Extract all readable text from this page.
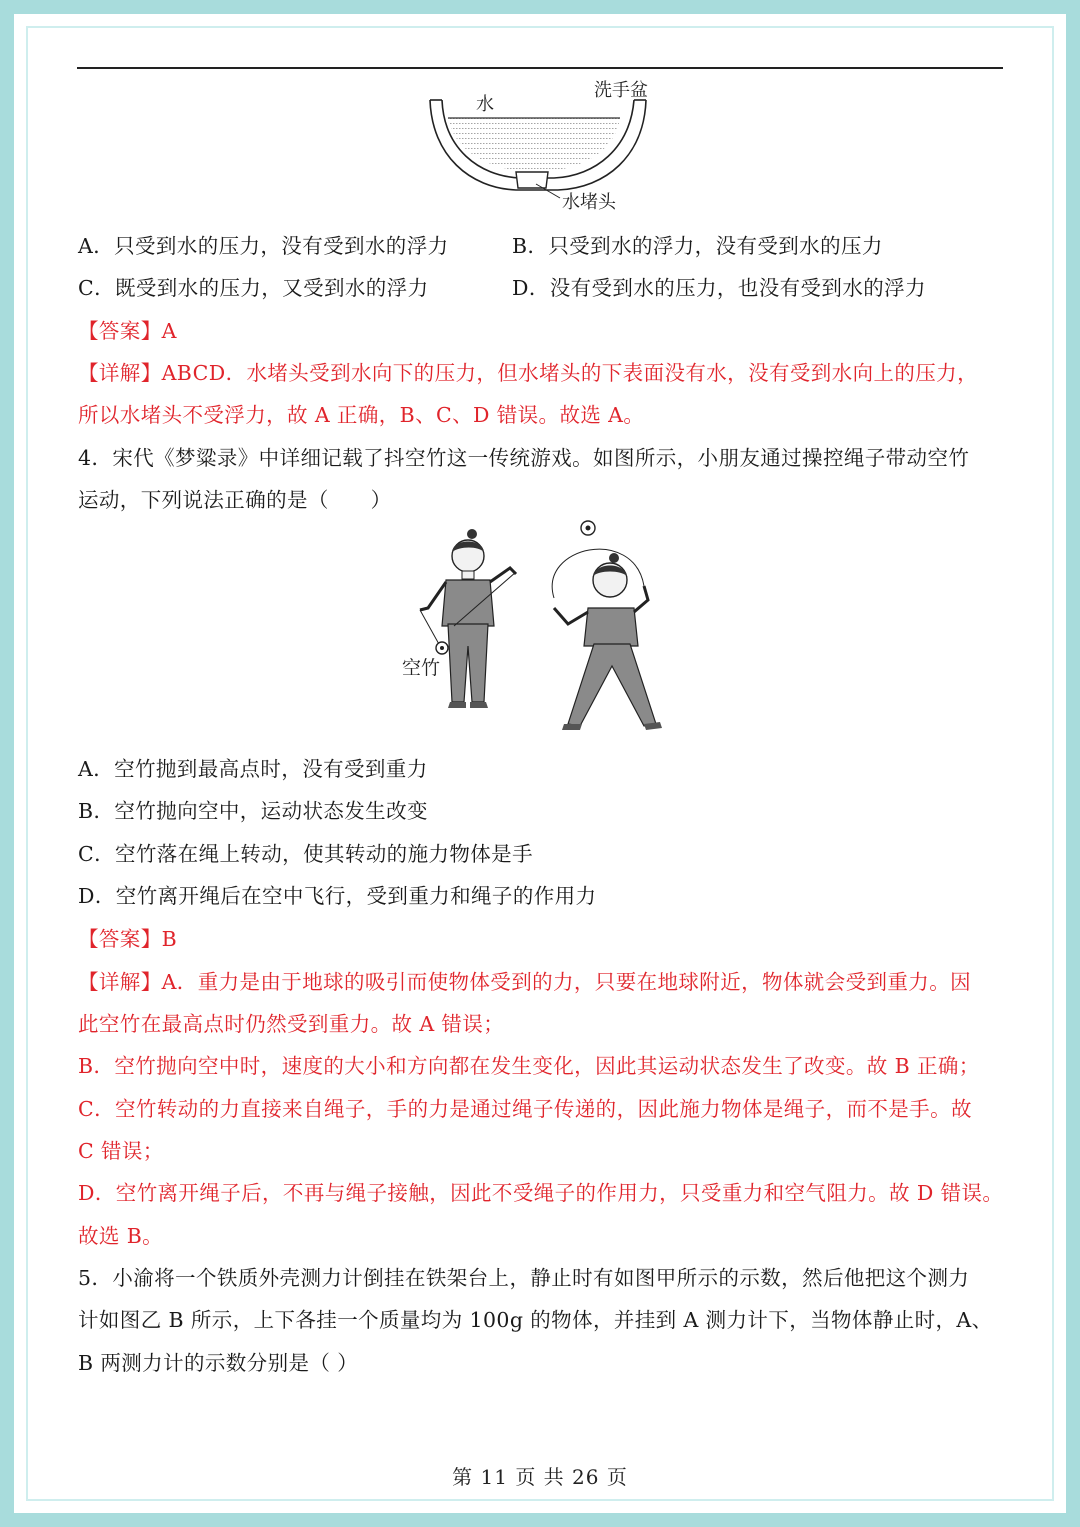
水
洗手盆
水堵头
A．只受到水的压力，没有受到水的浮力	B．只受到水的浮力，没有受到水的压力
C．既受到水的压力，又受到水的浮力	D．没有受到水的压力，也没有受到水的浮力
【答案】A
【详解】ABCD．水堵头受到水向下的压力，但水堵头的下表面没有水，没有受到水向上的压力，
所以水堵头不受浮力，故 A 正确，B、C、D 错误。故选 A。
4．宋代《梦粱录》中详细记载了抖空竹这一传统游戏。如图所示，小朋友通过操控绳子带动空竹
运动，下列说法正确的是（　　）
空竹
A．空竹抛到最高点时，没有受到重力
B．空竹抛向空中，运动状态发生改变
C．空竹落在绳上转动，使其转动的施力物体是手
D．空竹离开绳后在空中飞行，受到重力和绳子的作用力
【答案】B
【详解】A．重力是由于地球的吸引而使物体受到的力，只要在地球附近，物体就会受到重力。因
此空竹在最高点时仍然受到重力。故 A 错误；
B．空竹抛向空中时，速度的大小和方向都在发生变化，因此其运动状态发生了改变。故 B 正确；
C．空竹转动的力直接来自绳子，手的力是通过绳子传递的，因此施力物体是绳子，而不是手。故
C 错误；
D．空竹离开绳子后，不再与绳子接触，因此不受绳子的作用力，只受重力和空气阻力。故 D 错误。
故选 B。
5．小渝将一个铁质外壳测力计倒挂在铁架台上，静止时有如图甲所示的示数，然后他把这个测力
计如图乙 B 所示，上下各挂一个质量均为 100g 的物体，并挂到 A 测力计下，当物体静止时，A、
B 两测力计的示数分别是（ ）
第 11 页 共 26 页
